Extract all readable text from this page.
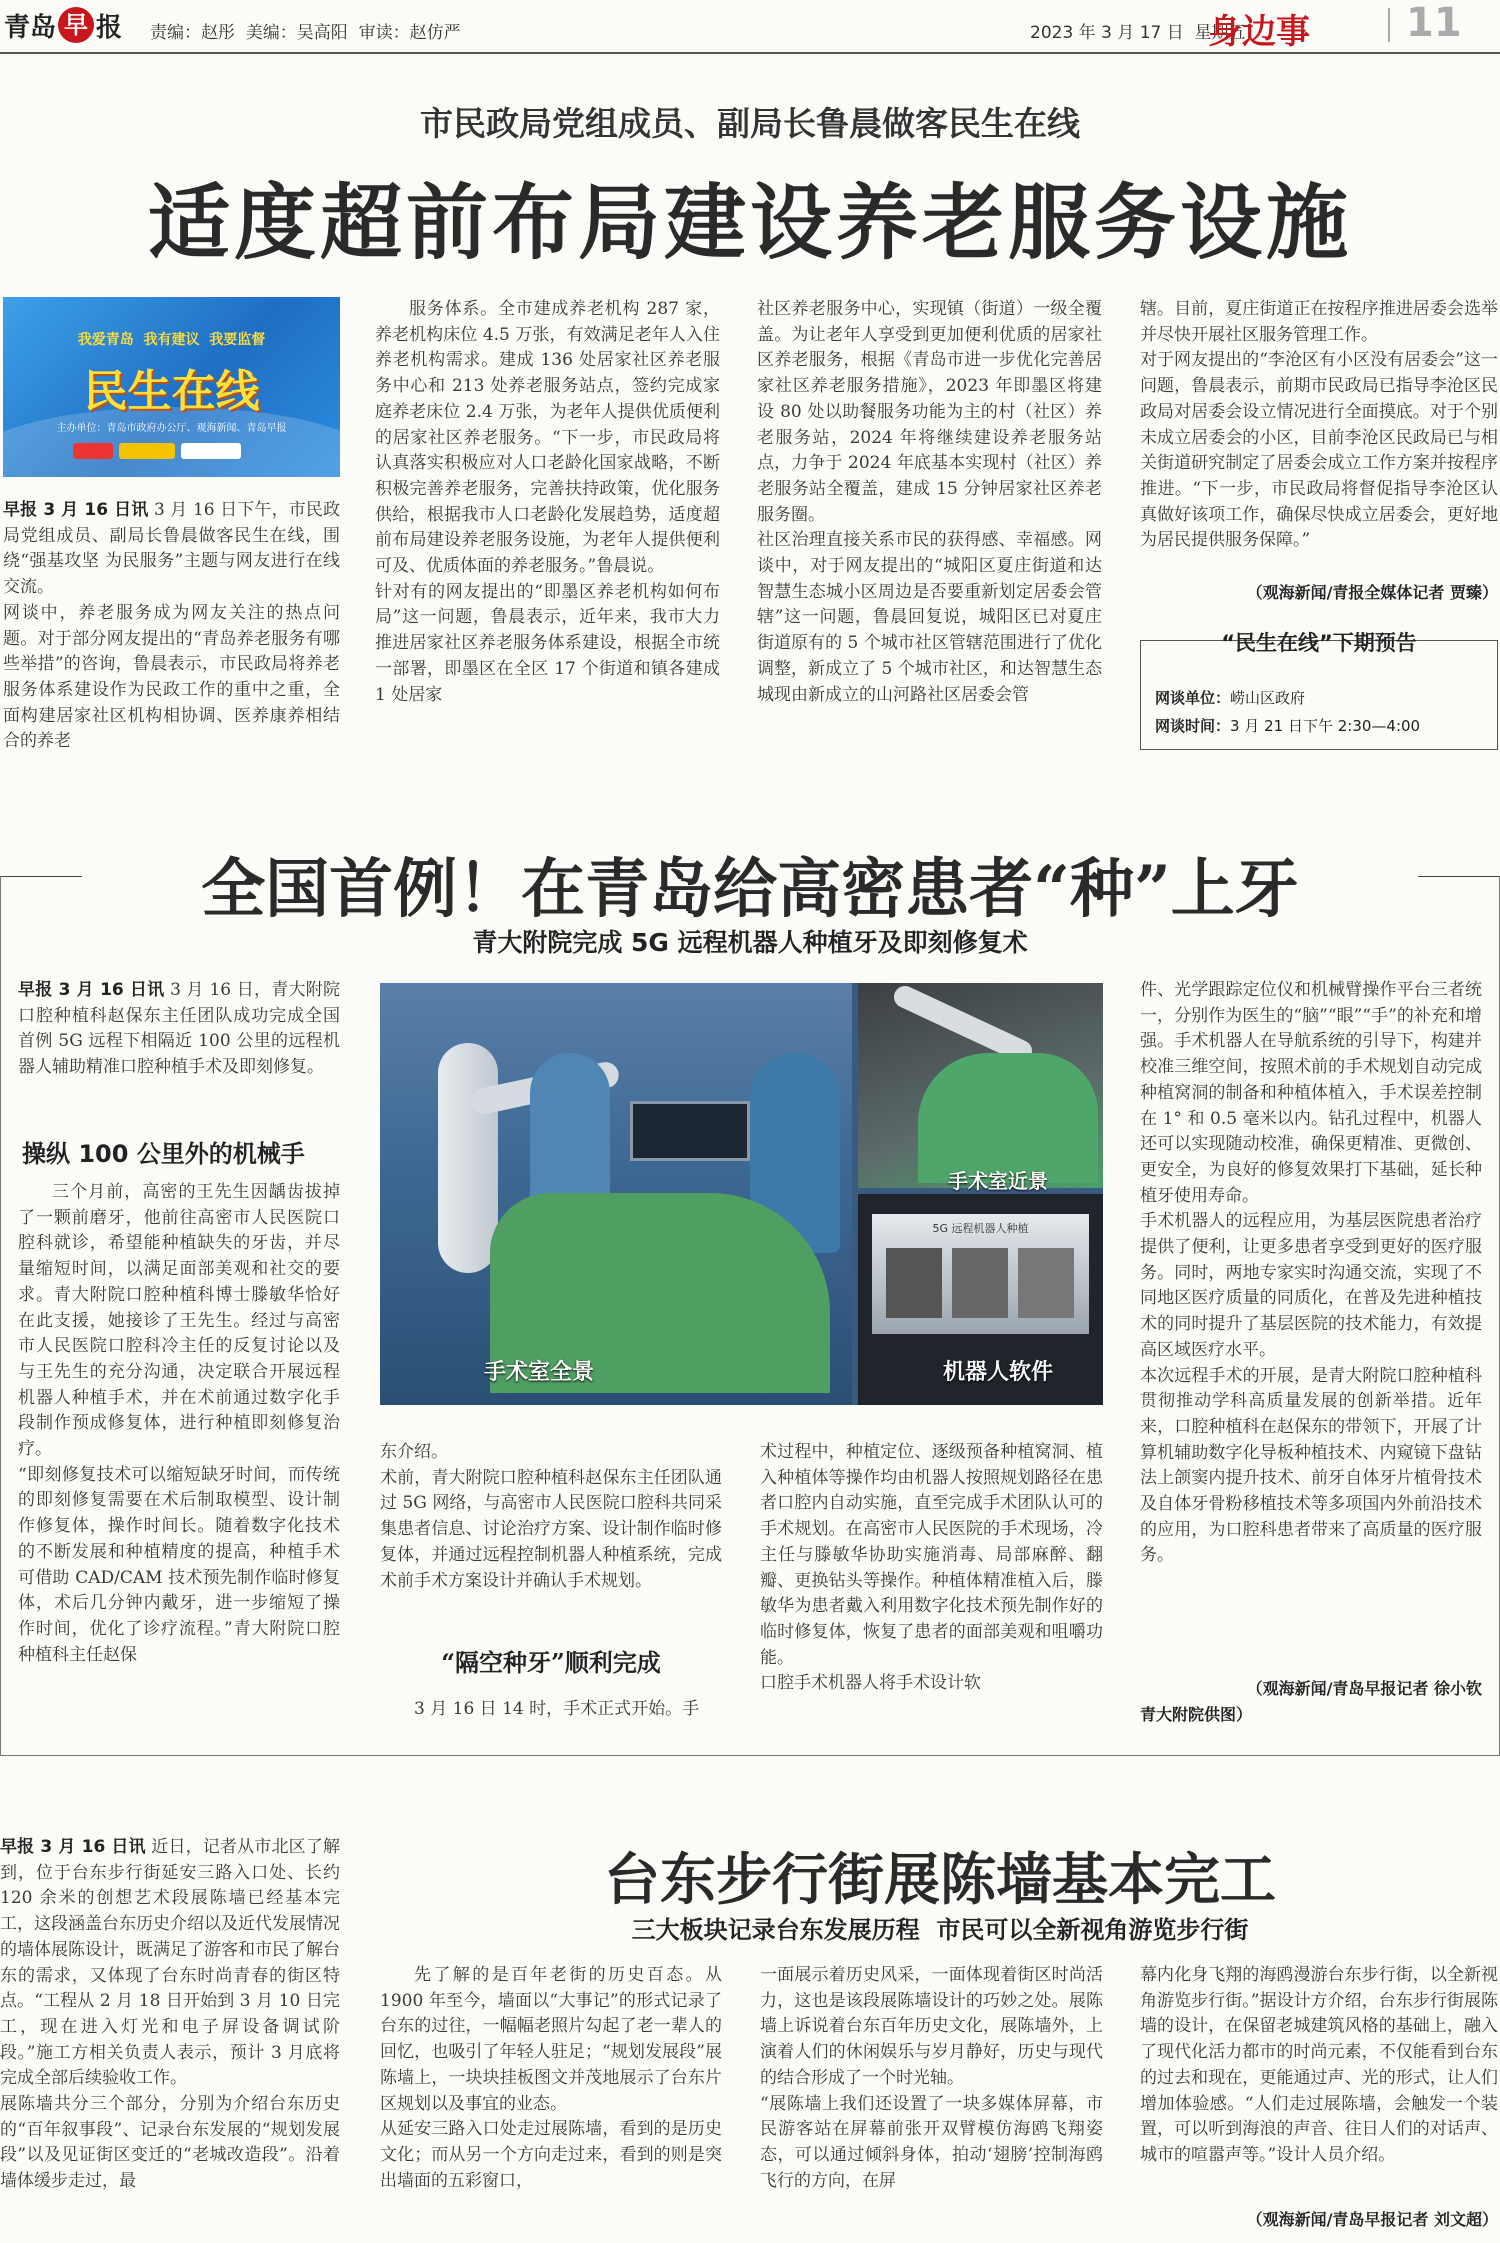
青岛 早 报 责编：赵彤  美编：吴高阳  审读：赵仿严	2023 年 3 月 17 日  星期五
身边事 11
市民政局党组成员、副局长鲁晨做客民生在线
适度超前布局建设养老服务设施
我爱青岛  我有建议  我要监督
民生在线
主办单位：青岛市政府办公厅、观海新闻、青岛早报
早报 3 月 16 日讯 3 月 16 日下午，市民政局党组成员、副局长鲁晨做客民生在线，围绕“强基攻坚 为民服务”主题与网友进行在线交流。
网谈中，养老服务成为网友关注的热点问题。对于部分网友提出的“青岛养老服务有哪些举措”的咨询，鲁晨表示，市民政局将养老服务体系建设作为民政工作的重中之重，全面构建居家社区机构相协调、医养康养相结合的养老
服务体系。全市建成养老机构 287 家，养老机构床位 4.5 万张，有效满足老年人入住养老机构需求。建成 136 处居家社区养老服务中心和 213 处养老服务站点，签约完成家庭养老床位 2.4 万张，为老年人提供优质便利的居家社区养老服务。“下一步，市民政局将认真落实积极应对人口老龄化国家战略，不断积极完善养老服务，完善扶持政策，优化服务供给，根据我市人口老龄化发展趋势，适度超前布局建设养老服务设施，为老年人提供便利可及、优质体面的养老服务。”鲁晨说。
针对有的网友提出的“即墨区养老机构如何布局”这一问题，鲁晨表示，近年来，我市大力推进居家社区养老服务体系建设，根据全市统一部署，即墨区在全区 17 个街道和镇各建成 1 处居家
社区养老服务中心，实现镇（街道）一级全覆盖。为让老年人享受到更加便利优质的居家社区养老服务，根据《青岛市进一步优化完善居家社区养老服务措施》，2023 年即墨区将建设 80 处以助餐服务功能为主的村（社区）养老服务站，2024 年将继续建设养老服务站点，力争于 2024 年底基本实现村（社区）养老服务站全覆盖，建成 15 分钟居家社区养老服务圈。
社区治理直接关系市民的获得感、幸福感。网谈中，对于网友提出的“城阳区夏庄街道和达智慧生态城小区周边是否要重新划定居委会管辖”这一问题，鲁晨回复说，城阳区已对夏庄街道原有的 5 个城市社区管辖范围进行了优化调整，新成立了 5 个城市社区，和达智慧生态城现由新成立的山河路社区居委会管
辖。目前，夏庄街道正在按程序推进居委会选举并尽快开展社区服务管理工作。
对于网友提出的“李沧区有小区没有居委会”这一问题，鲁晨表示，前期市民政局已指导李沧区民政局对居委会设立情况进行全面摸底。对于个别未成立居委会的小区，目前李沧区民政局已与相关街道研究制定了居委会成立工作方案并按程序推进。“下一步，市民政局将督促指导李沧区认真做好该项工作，确保尽快成立居委会，更好地为居民提供服务保障。”
（观海新闻/青报全媒体记者 贾臻）
“民生在线”下期预告
网谈单位：崂山区政府
网谈时间：3 月 21 日下午 2:30—4:00
全国首例！在青岛给高密患者“种”上牙
青大附院完成 5G 远程机器人种植牙及即刻修复术
早报 3 月 16 日讯 3 月 16 日，青大附院口腔种植科赵保东主任团队成功完成全国首例 5G 远程下相隔近 100 公里的远程机器人辅助精准口腔种植手术及即刻修复。
操纵 100 公里外的机械手
三个月前，高密的王先生因龋齿拔掉了一颗前磨牙，他前往高密市人民医院口腔科就诊，希望能种植缺失的牙齿，并尽量缩短时间，以满足面部美观和社交的要求。青大附院口腔种植科博士滕敏华恰好在此支援，她接诊了王先生。经过与高密市人民医院口腔科冷主任的反复讨论以及与王先生的充分沟通，决定联合开展远程机器人种植手术，并在术前通过数字化手段制作预成修复体，进行种植即刻修复治疗。
“即刻修复技术可以缩短缺牙时间，而传统的即刻修复需要在术后制取模型、设计制作修复体，操作时间长。随着数字化技术的不断发展和种植精度的提高，种植手术可借助 CAD/CAM 技术预先制作临时修复体，术后几分钟内戴牙，进一步缩短了操作时间，优化了诊疗流程。”青大附院口腔种植科主任赵保
手术室近景
5G 远程机器人种植
手术室全景	机器人软件
东介绍。
术前，青大附院口腔种植科赵保东主任团队通过 5G 网络，与高密市人民医院口腔科共同采集患者信息、讨论治疗方案、设计制作临时修复体，并通过远程控制机器人种植系统，完成术前手术方案设计并确认手术规划。
“隔空种牙”顺利完成
3 月 16 日 14 时，手术正式开始。手
术过程中，种植定位、逐级预备种植窝洞、植入种植体等操作均由机器人按照规划路径在患者口腔内自动实施，直至完成手术团队认可的手术规划。在高密市人民医院的手术现场，冷主任与滕敏华协助实施消毒、局部麻醉、翻瓣、更换钻头等操作。种植体精准植入后，滕敏华为患者戴入利用数字化技术预先制作好的临时修复体，恢复了患者的面部美观和咀嚼功能。
口腔手术机器人将手术设计软
件、光学跟踪定位仪和机械臂操作平台三者统一，分别作为医生的“脑”“眼”“手”的补充和增强。手术机器人在导航系统的引导下，构建并校准三维空间，按照术前的手术规划自动完成种植窝洞的制备和种植体植入，手术误差控制在 1° 和 0.5 毫米以内。钻孔过程中，机器人还可以实现随动校准，确保更精准、更微创、更安全，为良好的修复效果打下基础，延长种植牙使用寿命。
手术机器人的远程应用，为基层医院患者治疗提供了便利，让更多患者享受到更好的医疗服务。同时，两地专家实时沟通交流，实现了不同地区医疗质量的同质化，在普及先进种植技术的同时提升了基层医院的技术能力，有效提高区域医疗水平。
本次远程手术的开展，是青大附院口腔种植科贯彻推动学科高质量发展的创新举措。近年来，口腔种植科在赵保东的带领下，开展了计算机辅助数字化导板种植技术、内窥镜下盘钻法上颌窦内提升技术、前牙自体牙片植骨技术及自体牙骨粉移植技术等多项国内外前沿技术的应用，为口腔科患者带来了高质量的医疗服务。
（观海新闻/青岛早报记者 徐小钦
青大附院供图）
早报 3 月 16 日讯 近日，记者从市北区了解到，位于台东步行街延安三路入口处、长约 120 余米的创想艺术段展陈墙已经基本完工，这段涵盖台东历史介绍以及近代发展情况的墙体展陈设计，既满足了游客和市民了解台东的需求，又体现了台东时尚青春的街区特点。“工程从 2 月 18 日开始到 3 月 10 日完工，现在进入灯光和电子屏设备调试阶段。”施工方相关负责人表示，预计 3 月底将完成全部后续验收工作。
展陈墙共分三个部分，分别为介绍台东历史的“百年叙事段”、记录台东发展的“规划发展段”以及见证街区变迁的“老城改造段”。沿着墙体缓步走过，最
台东步行街展陈墙基本完工
三大板块记录台东发展历程  市民可以全新视角游览步行街
先了解的是百年老街的历史百态。从 1900 年至今，墙面以“大事记”的形式记录了台东的过往，一幅幅老照片勾起了老一辈人的回忆，也吸引了年轻人驻足；“规划发展段”展陈墙上，一块块挂板图文并茂地展示了台东片区规划以及事宜的业态。
从延安三路入口处走过展陈墙，看到的是历史文化；而从另一个方向走过来，看到的则是突出墙面的五彩窗口，
一面展示着历史风采，一面体现着街区时尚活力，这也是该段展陈墙设计的巧妙之处。展陈墙上诉说着台东百年历史文化，展陈墙外，上演着人们的休闲娱乐与岁月静好，历史与现代的结合形成了一个时光轴。
“展陈墙上我们还设置了一块多媒体屏幕，市民游客站在屏幕前张开双臂模仿海鸥飞翔姿态，可以通过倾斜身体，拍动‘翅膀’控制海鸥飞行的方向，在屏
幕内化身飞翔的海鸥漫游台东步行街，以全新视角游览步行街。”据设计方介绍，台东步行街展陈墙的设计，在保留老城建筑风格的基础上，融入了现代化活力都市的时尚元素，不仅能看到台东的过去和现在，更能通过声、光的形式，让人们增加体验感。“人们走过展陈墙，会触发一个装置，可以听到海浪的声音、往日人们的对话声、城市的喧嚣声等。”设计人员介绍。
（观海新闻/青岛早报记者 刘文超）
